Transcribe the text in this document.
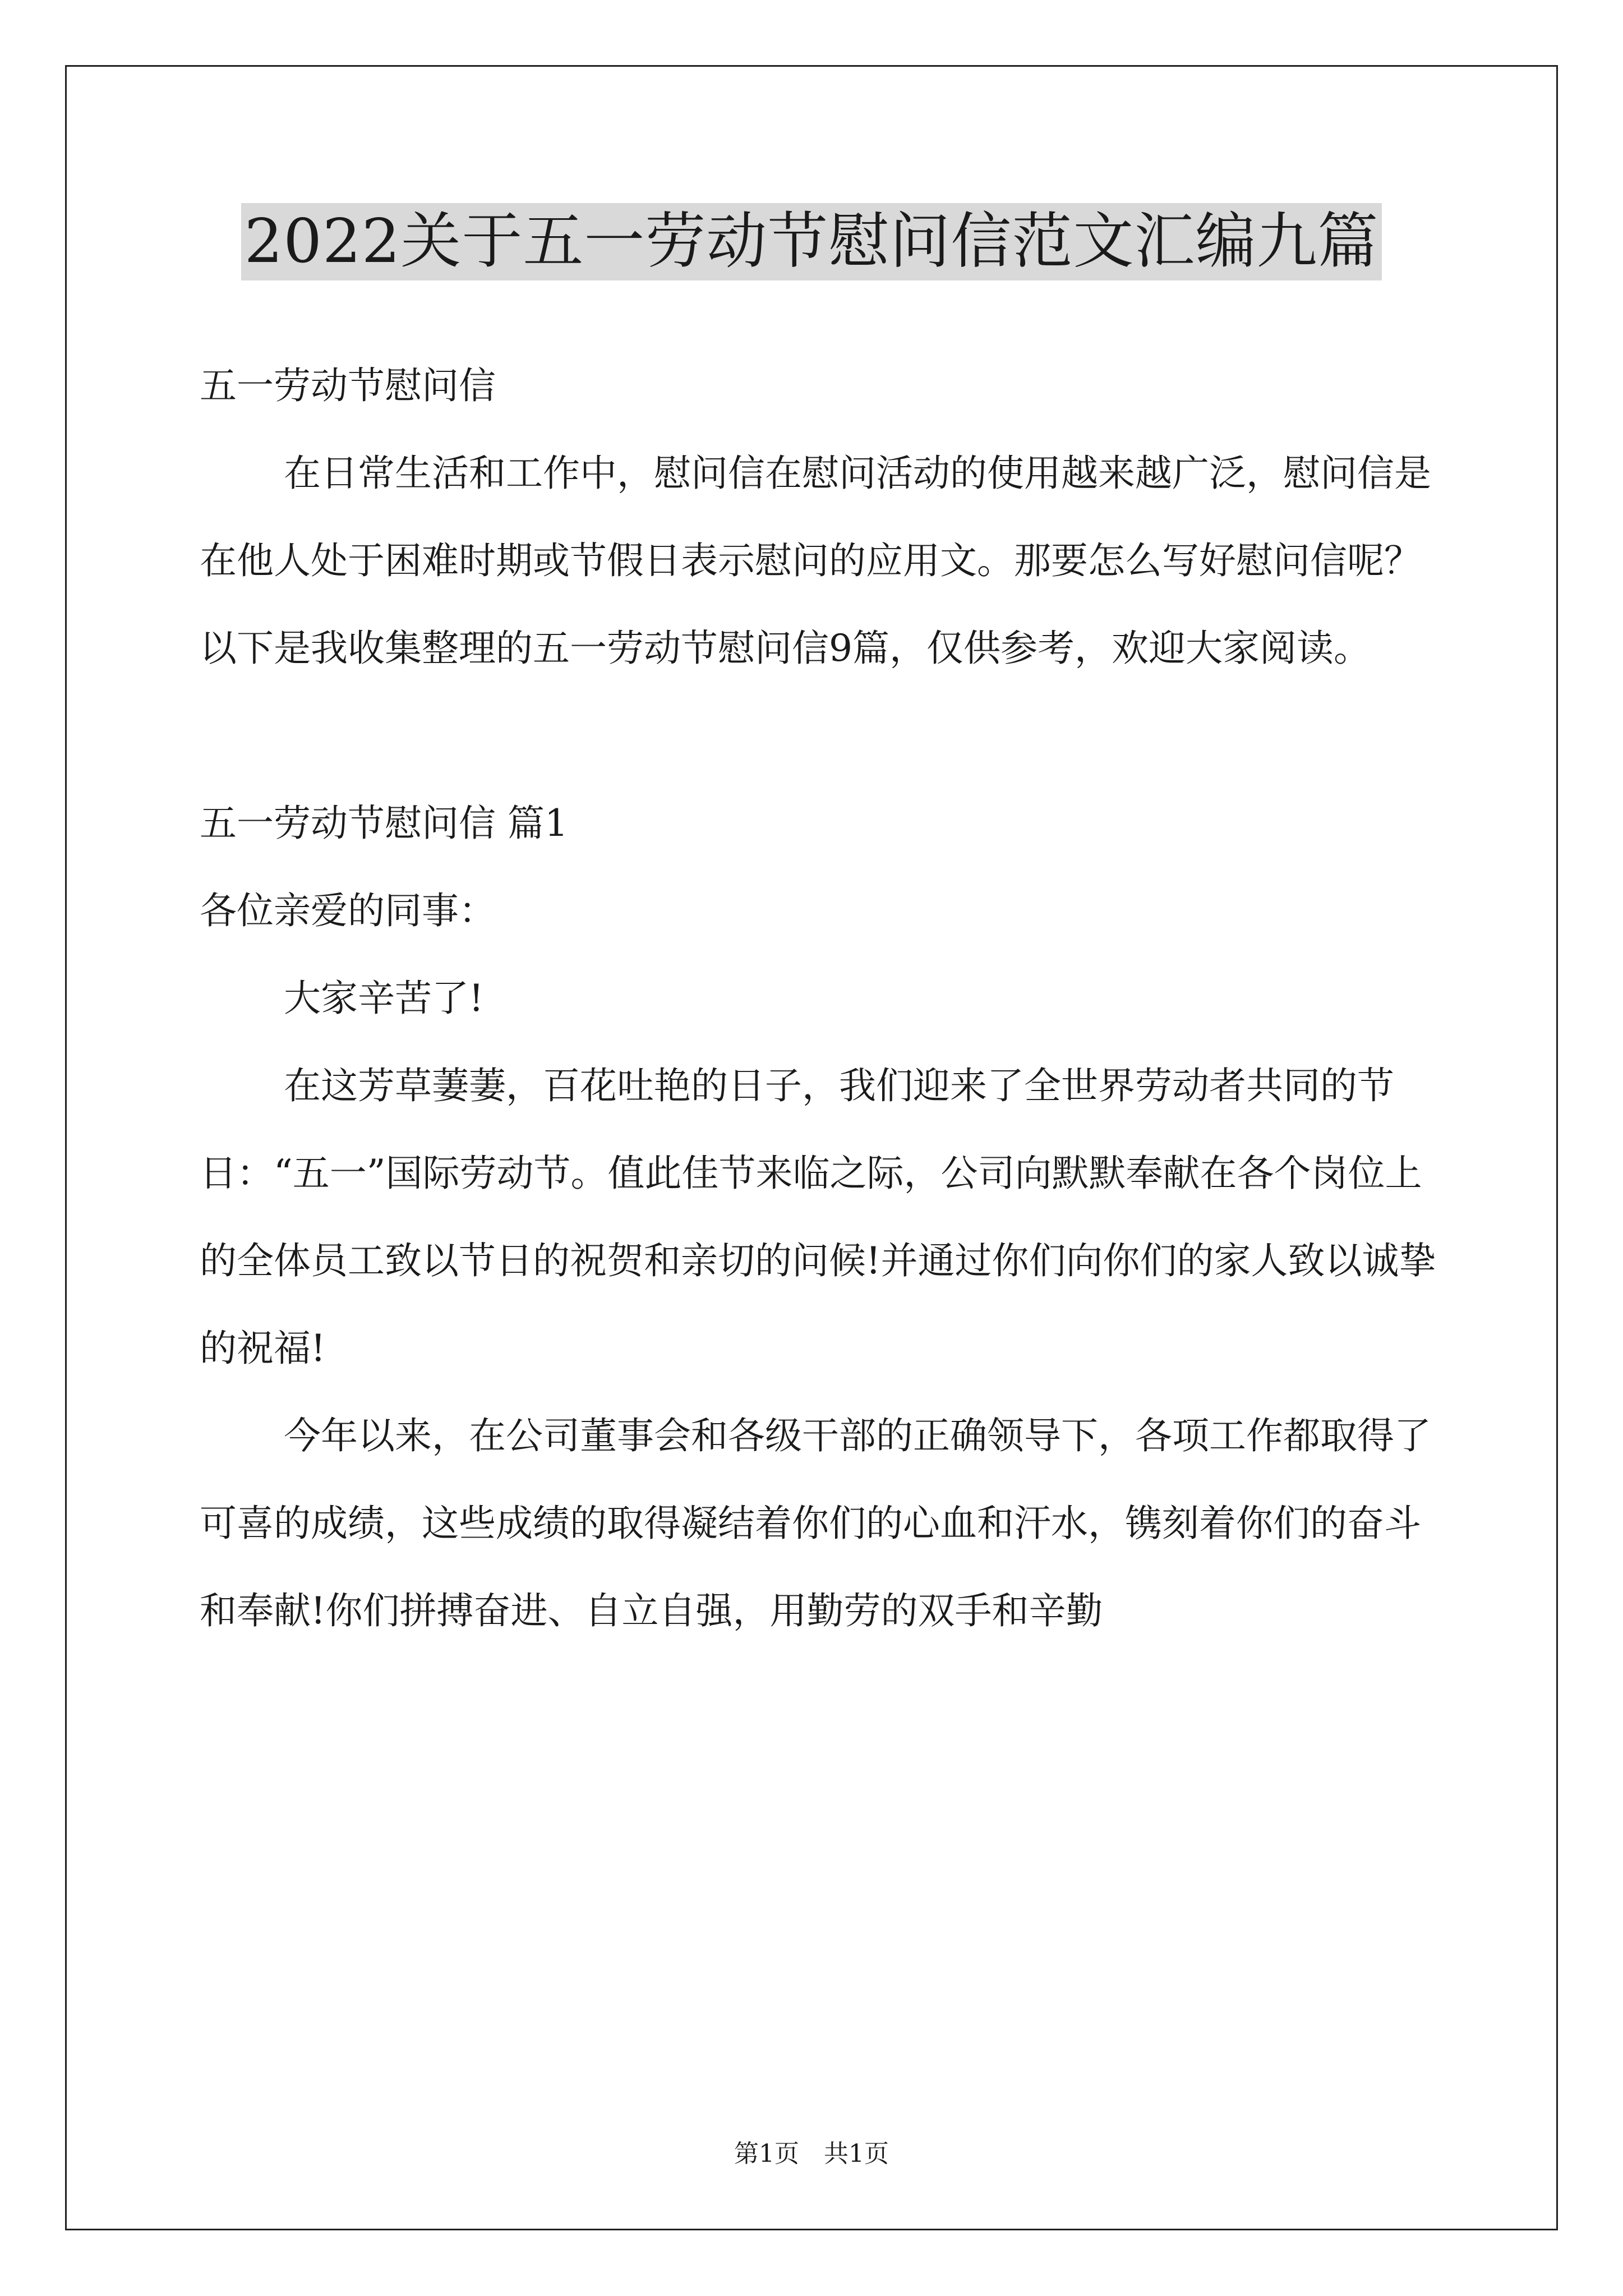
2022关于五一劳动节慰问信范文汇编九篇

五一劳动节慰问信

在日常生活和工作中，慰问信在慰问活动的使用越来越广泛，慰问信是在他人处于困难时期或节假日表示慰问的应用文。那要怎么写好慰问信呢？以下是我收集整理的五一劳动节慰问信9篇，仅供参考，欢迎大家阅读。

五一劳动节慰问信 篇1

各位亲爱的同事：

大家辛苦了!

在这芳草萋萋，百花吐艳的日子，我们迎来了全世界劳动者共同的节日：“五一”国际劳动节。值此佳节来临之际，公司向默默奉献在各个岗位上的全体员工致以节日的祝贺和亲切的问候!并通过你们向你们的家人致以诚挚的祝福!

今年以来，在公司董事会和各级干部的正确领导下，各项工作都取得了可喜的成绩，这些成绩的取得凝结着你们的心血和汗水，镌刻着你们的奋斗和奉献!你们拼搏奋进、自立自强，用勤劳的双手和辛勤

第1页　共1页
